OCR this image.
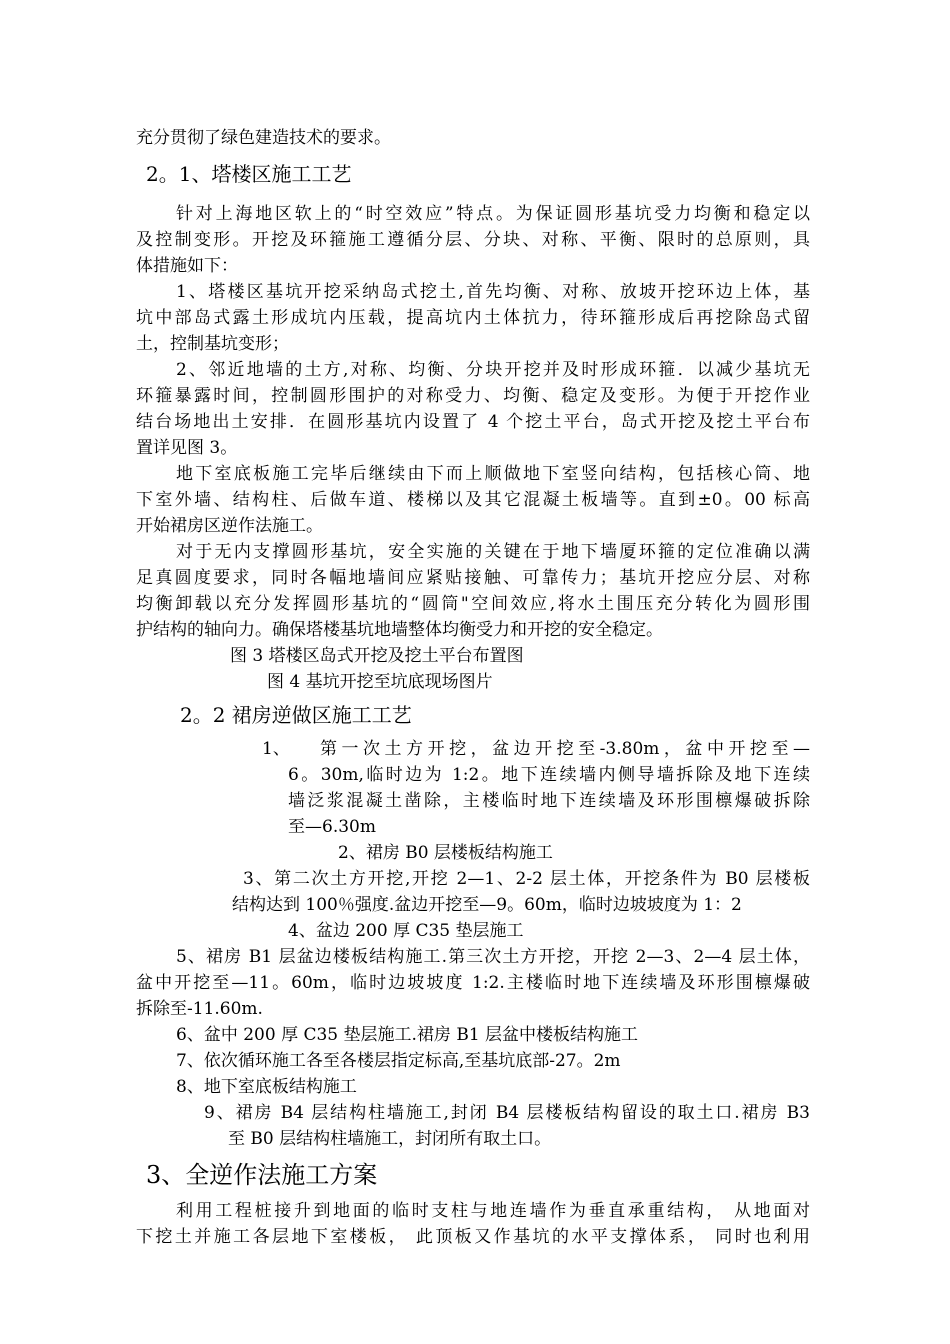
充分贯彻了绿色建造技术的要求。
2。1、塔楼区施工工艺
针对上海地区软上的“时空效应”特点。为保证圆形基坑受力均衡和稳定以
及控制变形。开挖及环箍施工遵循分层、分块、对称、平衡、限时的总原则，具
体措施如下：
1、塔楼区基坑开挖采纳岛式挖土,首先均衡、对称、放坡开挖环边上体，基
坑中部岛式露土形成坑内压载，提高坑内土体抗力，待环箍形成后再挖除岛式留
土，控制基坑变形；
2、邻近地墙的土方,对称、均衡、分块开挖并及时形成环箍．以减少基坑无
环箍暴露时间，控制圆形围护的对称受力、均衡、稳定及变形。为便于开挖作业
结台场地出土安排．在圆形基坑内设置了 4 个挖土平台，岛式开挖及挖土平台布
置详见图 3。
地下室底板施工完毕后继续由下而上顺做地下室竖向结构，包括核心筒、地
下室外墙、结构柱、后做车道、楼梯以及其它混凝土板墙等。直到±0。00 标高
开始裙房区逆作法施工。
对于无内支撑圆形基坑，安全实施的关键在于地下墙厦环箍的定位准确以满
足真圆度要求，同时各幅地墙间应紧贴接触、可靠传力；基坑开挖应分层、对称
均衡卸载以充分发挥圆形基坑的“圆筒"空间效应,将水土围压充分转化为圆形围
护结构的轴向力。确保塔楼基坑地墙整体均衡受力和开挖的安全稳定。
图 3 塔楼区岛式开挖及挖土平台布置图
图 4 基坑开挖至坑底现场图片
2。2 裙房逆做区施工工艺
1、 第一次土方开挖，盆边开挖至-3.80m，盆中开挖至—
6。30m,临时边为 1:2。地下连续墙内侧导墙拆除及地下连续
墙泛浆混凝土凿除，主楼临时地下连续墙及环形围檩爆破拆除
至—6.30m
2、裙房 B0 层楼板结构施工
3、第二次土方开挖,开挖 2—1、2-2 层土体，开挖条件为 B0 层楼板
结构达到 100％强度.盆边开挖至—9。60m，临时边坡坡度为 1：2
4、盆边 200 厚 C35 垫层施工
5、裙房 B1 层盆边楼板结构施工.第三次土方开挖，开挖 2—3、2—4 层土体，
盆中开挖至—11。60m，临时边坡坡度 1:2.主楼临时地下连续墙及环形围檩爆破
拆除至-11.60m.
6、盆中 200 厚 C35 垫层施工.裙房 B1 层盆中楼板结构施工
7、依次循环施工各至各楼层指定标高,至基坑底部-27。2m
8、地下室底板结构施工
9、裙房 B4 层结构柱墙施工,封闭 B4 层楼板结构留设的取土口.裙房 B3
至 B0 层结构柱墙施工，封闭所有取土口。
3、全逆作法施工方案
利用工程桩接升到地面的临时支柱与地连墙作为垂直承重结构， 从地面对
下挖土并施工各层地下室楼板， 此顶板又作基坑的水平支撑体系， 同时也利用
